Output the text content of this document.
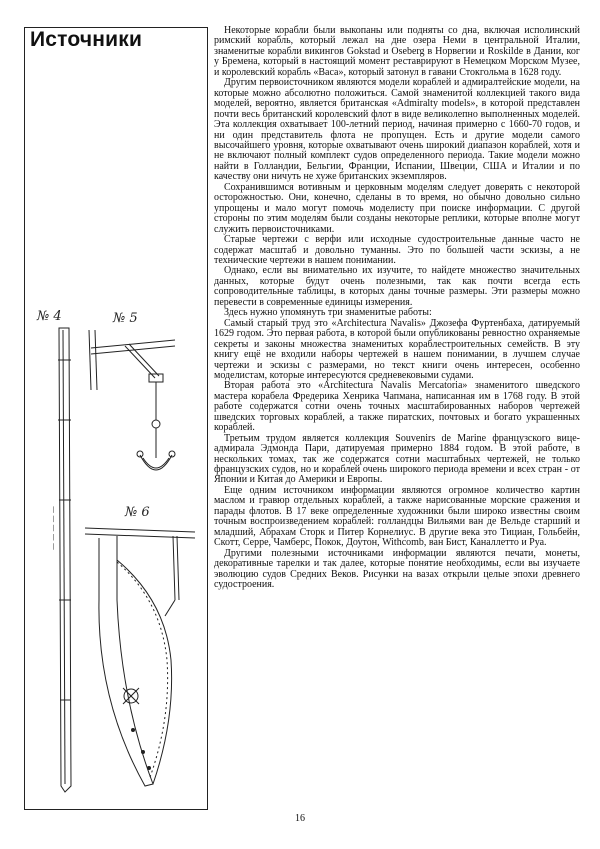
Источники
№ 4	№ 5
№ 6
— — — — —

Некоторые корабли были выкопаны или подняты со дна, включая исполинский римский корабль, который лежал на дне озера Неми в центральной Италии, знаменитые корабли викингов Gokstad и Oseberg в Норвегии и Roskilde в Дании, ког у Бремена, который в настоящий момент реставрируют в Немецком Морском Музее, и королевский корабль «Васа», который затонул в гавани Стокгольма в 1628 году.

Другим первоисточником являются модели кораблей и адмиралтейские модели, на которые можно абсолютно положиться. Самой знаменитой коллекцией такого вида моделей, вероятно, является британская «Admiralty models», в которой представлен почти весь британский королевский флот в виде великолепно выполненных моделей. Эта коллекция охватывает 100-летний период, начиная примерно с 1660-70 годов, и ни один представитель флота не пропущен. Есть и другие модели самого высочайшего уровня, которые охватывают очень широкий диапазон кораблей, хотя и не включают полный комплект судов определенного периода. Такие модели можно найти в Голландии, Бельгии, Франции, Испании, Швеции, США и Италии и по качеству они ничуть не хуже британских экземпляров.

Сохранившимся вотивным и церковным моделям следует доверять с некоторой осторожностью. Они, конечно, сделаны в то время, но обычно довольно сильно упрощены и мало могут помочь моделисту при поиске информации. С другой стороны по этим моделям были созданы некоторые реплики, которые вполне могут служить первоисточниками.

Старые чертежи с верфи или исходные судостроительные данные часто не содержат масштаб и довольно туманны. Это по большей части эскизы, а не технические чертежи в нашем понимании.

Однако, если вы внимательно их изучите, то найдете множество значительных данных, которые будут очень полезными, так как почти всегда есть сопроводительные таблицы, в которых даны точные размеры. Эти размеры можно перевести в современные единицы измерения.

Здесь нужно упомянуть три знаменитые работы:

Самый старый труд это «Architectura Navalis» Джозефа Фуртенбаха, датируемый 1629 годом. Это первая работа, в которой были опубликованы ревностно охраняемые секреты и законы множества знаменитых кораблестроительных семейств. В эту книгу ещё не входили наборы чертежей в нашем понимании, в лучшем случае чертежи и эскизы с размерами, но текст книги очень интересен, особенно моделистам, которые интересуются средневековыми судами.

Вторая работа это «Architectura Navalis Mercatoria» знаменитого шведского мастера корабела Фредерика Хенрика Чапмана, написанная им в 1768 году. В этой работе содержатся сотни очень точных масштабированных наборов чертежей шведских торговых кораблей, а также пиратских, почтовых и богато украшенных кораблей.

Третьим трудом является коллекция Souvenirs de Marine французского вице-адмирала Эдмонда Пари, датируемая примерно 1884 годом. В этой работе, в нескольких томах, так же содержатся сотни масштабных чертежей, не только французских судов, но и кораблей очень широкого периода времени и всех стран - от Японии и Китая до Америки и Европы.

Еще одним источником информации являются огромное количество картин маслом и гравюр отдельных кораблей, а также нарисованные морские сражения и парады флотов. В 17 веке определенные художники были широко известны своим точным воспроизведением кораблей: голландцы Вильями ван де Вельде старший и младший, Абрахам Сторк и Питер Корнелиус. В другие века это Тициан, Гольбейн, Скотт, Серре, Чамберс, Покок, Доутон, Withcomb, ван Бист, Каналлетто и Руа.

Другими полезными источниками информации являются печати, монеты, декоративные тарелки и так далее, которые понятие необходимы, если вы изучаете эволюцию судов Средних Веков. Рисунки на вазах открыли целые эпохи древнего судостроения.

16
